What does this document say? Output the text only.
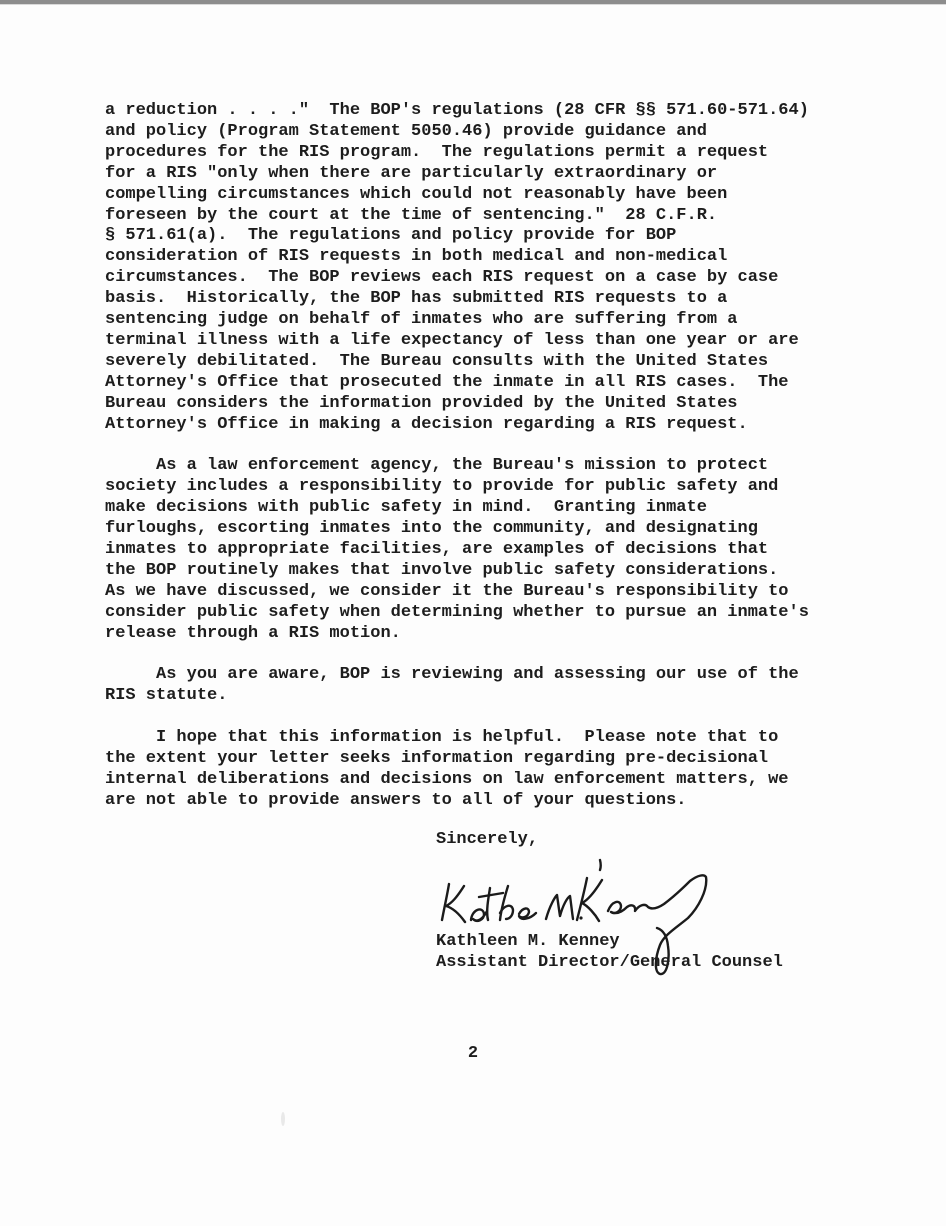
a reduction . . . ."  The BOP's regulations (28 CFR §§ 571.60-571.64)
and policy (Program Statement 5050.46) provide guidance and
procedures for the RIS program.  The regulations permit a request
for a RIS "only when there are particularly extraordinary or
compelling circumstances which could not reasonably have been
foreseen by the court at the time of sentencing."  28 C.F.R.
§ 571.61(a).  The regulations and policy provide for BOP
consideration of RIS requests in both medical and non-medical
circumstances.  The BOP reviews each RIS request on a case by case
basis.  Historically, the BOP has submitted RIS requests to a
sentencing judge on behalf of inmates who are suffering from a
terminal illness with a life expectancy of less than one year or are
severely debilitated.  The Bureau consults with the United States
Attorney's Office that prosecuted the inmate in all RIS cases.  The
Bureau considers the information provided by the United States
Attorney's Office in making a decision regarding a RIS request.
As a law enforcement agency, the Bureau's mission to protect
society includes a responsibility to provide for public safety and
make decisions with public safety in mind.  Granting inmate
furloughs, escorting inmates into the community, and designating
inmates to appropriate facilities, are examples of decisions that
the BOP routinely makes that involve public safety considerations.
As we have discussed, we consider it the Bureau's responsibility to
consider public safety when determining whether to pursue an inmate's
release through a RIS motion.
As you are aware, BOP is reviewing and assessing our use of the
RIS statute.
I hope that this information is helpful.  Please note that to
the extent your letter seeks information regarding pre-decisional
internal deliberations and decisions on law enforcement matters, we
are not able to provide answers to all of your questions.
Sincerely,
Kathleen M. Kenney
Assistant Director/General Counsel
2
